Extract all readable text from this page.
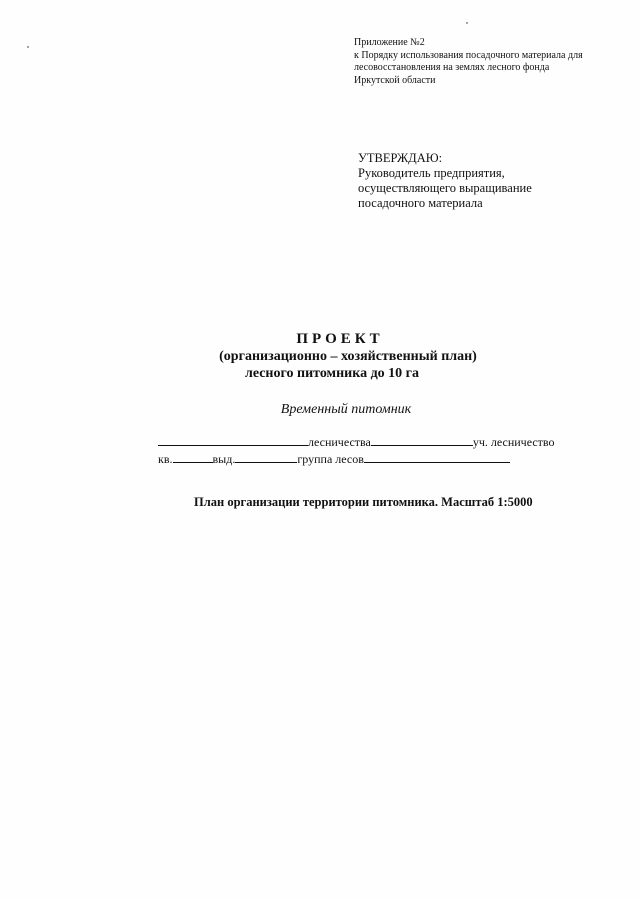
Приложение №2
к Порядку использования посадочного материала для
лесовосстановления на землях лесного фонда
Иркутской области
УТВЕРЖДАЮ:
Руководитель предприятия,
осуществляющего выращивание
посадочного материала
ПРОЕКТ
(организационно – хозяйственный план)
лесного питомника до 10 га
Временный питомник
лесничества	уч. лесничество
кв.	выд.	группа лесов
План организации территории питомника. Масштаб 1:5000
